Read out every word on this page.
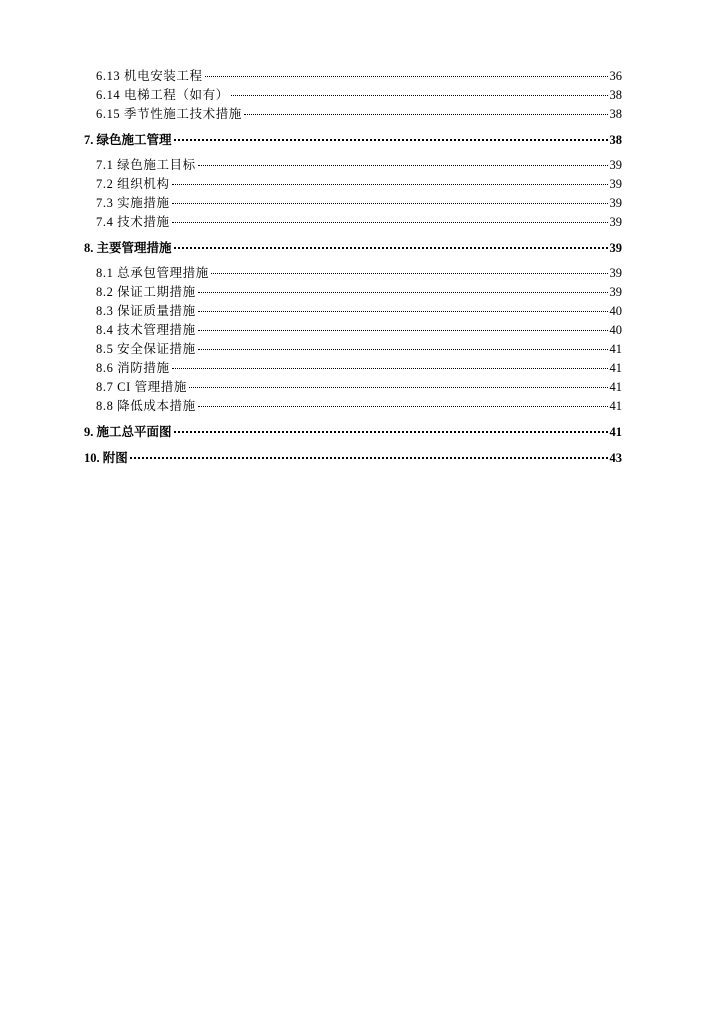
6.13 机电安装工程	36
6.14 电梯工程（如有）	38
6.15 季节性施工技术措施	38
7. 绿色施工管理	38
7.1 绿色施工目标	39
7.2 组织机构	39
7.3 实施措施	39
7.4 技术措施	39
8. 主要管理措施	39
8.1 总承包管理措施	39
8.2 保证工期措施	39
8.3 保证质量措施	40
8.4 技术管理措施	40
8.5 安全保证措施	41
8.6 消防措施	41
8.7 CI 管理措施	41
8.8 降低成本措施	41
9. 施工总平面图	41
10. 附图	43
